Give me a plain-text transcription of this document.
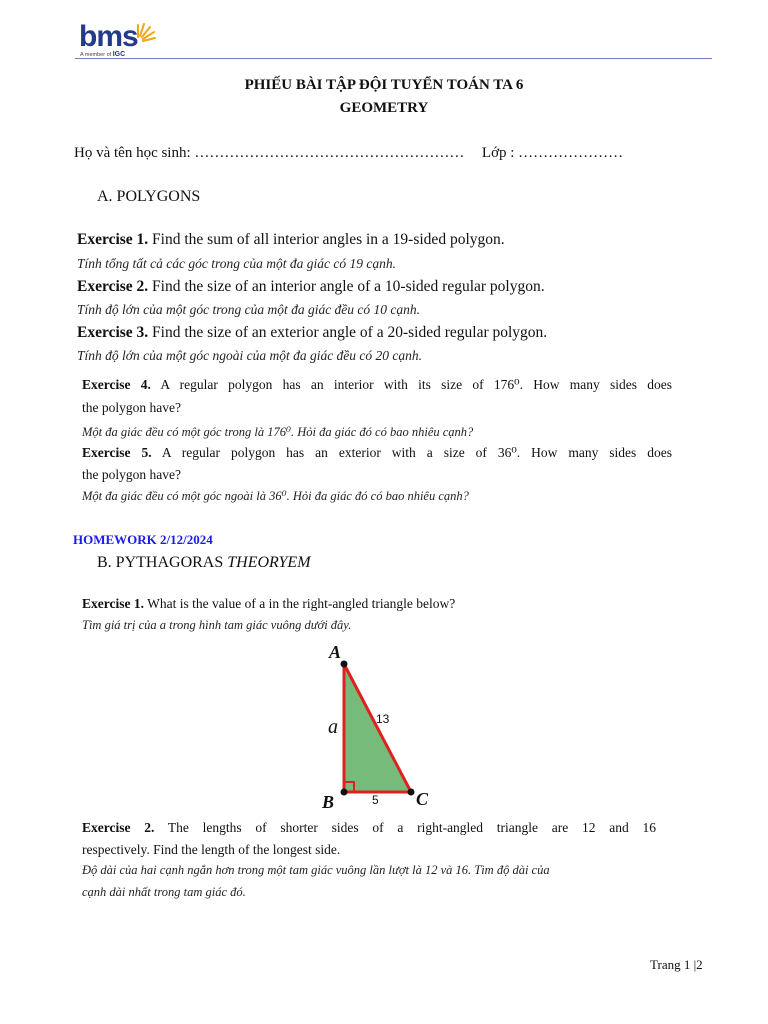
bms
A member of IGC
PHIẾU BÀI TẬP ĐỘI TUYỂN TOÁN TA 6
GEOMETRY
Họ và tên học sinh: ……………………………………………… Lớp : …………………
A. POLYGONS
Exercise 1. Find the sum of all interior angles in a 19-sided polygon.
Tính tổng tất cả các góc trong của một đa giác có 19 cạnh.
Exercise 2. Find the size of an interior angle of a 10-sided regular polygon.
Tính độ lớn của một góc trong của một đa giác đều có 10 cạnh.
Exercise 3. Find the size of an exterior angle of a 20-sided regular polygon.
Tính độ lớn của một góc ngoài của một đa giác đều có 20 cạnh.
Exercise 4. A regular polygon has an interior with its size of 176⁰. How many sides does
the polygon have?
Một đa giác đều có một góc trong là 176⁰. Hỏi đa giác đó có bao nhiêu cạnh?
Exercise 5. A regular polygon has an exterior with a size of 36⁰. How many sides does
the polygon have?
Một đa giác đều có một góc ngoài là 36⁰. Hỏi đa giác đó có bao nhiêu cạnh?
HOMEWORK 2/12/2024
B. PYTHAGORAS THEORYEM
Exercise 1. What is the value of a in the right-angled triangle below?
Tìm giá trị của a trong hình tam giác vuông dưới đây.
A
B	C
a	13
5
Exercise 2. The lengths of shorter sides of a right-angled triangle are 12 and 16
respectively. Find the length of the longest side.
Độ dài của hai cạnh ngắn hơn trong một tam giác vuông lần lượt là 12 và 16. Tìm độ dài của
cạnh dài nhất trong tam giác đó.
Trang 1 |2
